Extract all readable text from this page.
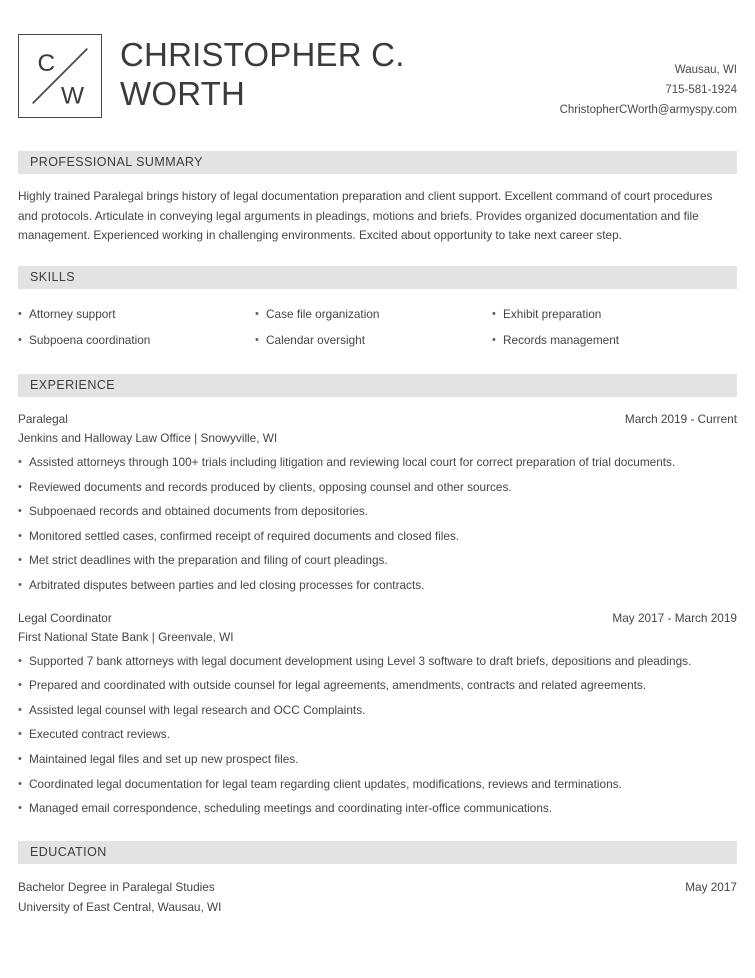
C
W
CHRISTOPHER C. WORTH
Wausau, WI
715-581-1924
ChristopherCWorth@armyspy.com
PROFESSIONAL SUMMARY
Highly trained Paralegal brings history of legal documentation preparation and client support. Excellent command of court procedures and protocols. Articulate in conveying legal arguments in pleadings, motions and briefs. Provides organized documentation and file management. Experienced working in challenging environments. Excited about opportunity to take next career step.
SKILLS
• Attorney support	• Case file organization	• Exhibit preparation
• Subpoena coordination	• Calendar oversight	• Records management
EXPERIENCE
Paralegal	March 2019 - Current
Jenkins and Halloway Law Office | Snowyville, WI
• Assisted attorneys through 100+ trials including litigation and reviewing local court for correct preparation of trial documents.
• Reviewed documents and records produced by clients, opposing counsel and other sources.
• Subpoenaed records and obtained documents from depositories.
• Monitored settled cases, confirmed receipt of required documents and closed files.
• Met strict deadlines with the preparation and filing of court pleadings.
• Arbitrated disputes between parties and led closing processes for contracts.
Legal Coordinator	May 2017 - March 2019
First National State Bank | Greenvale, WI
• Supported 7 bank attorneys with legal document development using Level 3 software to draft briefs, depositions and pleadings.
• Prepared and coordinated with outside counsel for legal agreements, amendments, contracts and related agreements.
• Assisted legal counsel with legal research and OCC Complaints.
• Executed contract reviews.
• Maintained legal files and set up new prospect files.
• Coordinated legal documentation for legal team regarding client updates, modifications, reviews and terminations.
• Managed email correspondence, scheduling meetings and coordinating inter-office communications.
EDUCATION
Bachelor Degree in Paralegal Studies	May 2017
University of East Central, Wausau, WI
